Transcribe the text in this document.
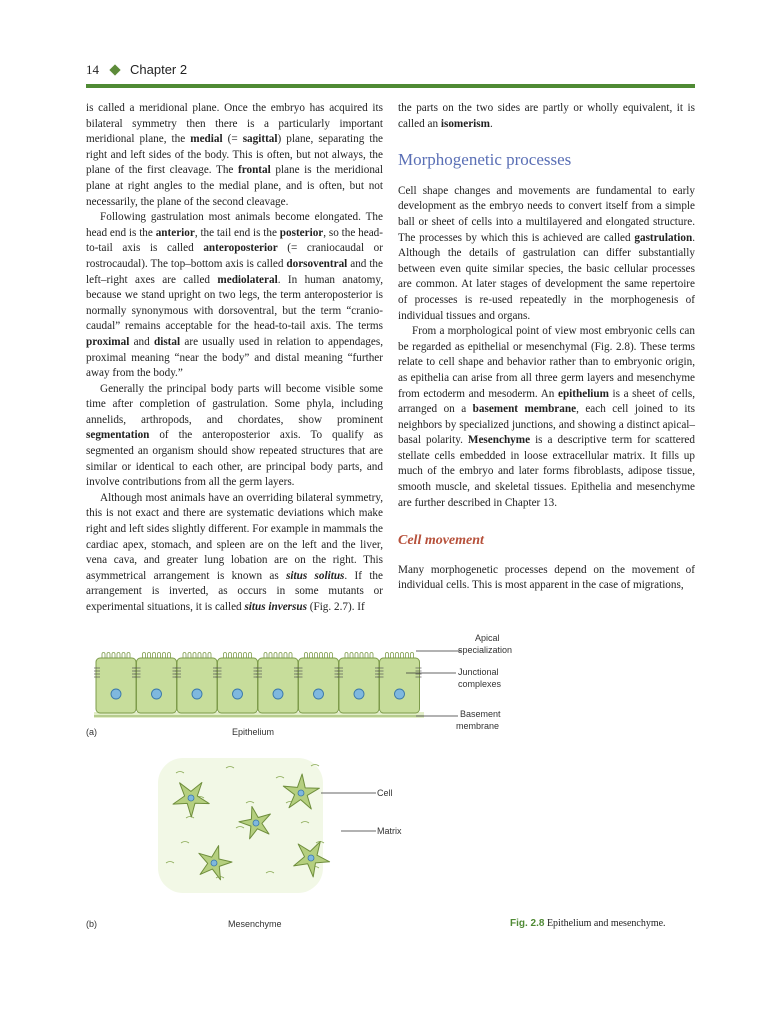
14 Chapter 2

is called a meridional plane. Once the embryo has acquired its bilateral symmetry then there is a particularly important meridional plane, the medial (= sagittal) plane, separating the right and left sides of the body. This is often, but not always, the plane of the first cleavage. The frontal plane is the meridional plane at right angles to the medial plane, and is often, but not necessarily, the plane of the second cleavage.

Following gastrulation most animals become elongated. The head end is the anterior, the tail end is the posterior, so the head-to-tail axis is called anteroposterior (= craniocaudal or rostrocaudal). The top–bottom axis is called dorsoventral and the left–right axes are called mediolateral. In human anatomy, because we stand upright on two legs, the term anteroposterior is normally synonymous with dorsoventral, but the term “craniocaudal” remains acceptable for the head-to-tail axis. The terms proximal and distal are usually used in relation to appendages, proximal meaning “near the body” and distal meaning “further away from the body.”

Generally the principal body parts will become visible some time after completion of gastrulation. Some phyla, including annelids, arthropods, and chordates, show prominent segmentation of the anteroposterior axis. To qualify as segmented an organism should show repeated structures that are similar or identical to each other, are principal body parts, and involve contributions from all the germ layers.

Although most animals have an overriding bilateral symmetry, this is not exact and there are systematic deviations which make right and left sides slightly different. For example in mammals the cardiac apex, stomach, and spleen are on the left and the liver, vena cava, and greater lung lobation are on the right. This asymmetrical arrangement is known as situs solitus. If the arrangement is inverted, as occurs in some mutants or experimental situations, it is called situs inversus (Fig. 2.7). If

the parts on the two sides are partly or wholly equivalent, it is called an isomerism.

Morphogenetic processes

Cell shape changes and movements are fundamental to early development as the embryo needs to convert itself from a simple ball or sheet of cells into a multilayered and elongated structure. The processes by which this is achieved are called gastrulation. Although the details of gastrulation can differ substantially between even quite similar species, the basic cellular processes are common. At later stages of development the same repertoire of processes is re-used repeatedly in the morphogenesis of individual tissues and organs.

From a morphological point of view most embryonic cells can be regarded as epithelial or mesenchymal (Fig. 2.8). These terms relate to cell shape and behavior rather than to embryonic origin, as epithelia can arise from all three germ layers and mesenchyme from ectoderm and mesoderm. An epithelium is a sheet of cells, arranged on a basement membrane, each cell joined to its neighbors by specialized junctions, and showing a distinct apical–basal polarity. Mesenchyme is a descriptive term for scattered stellate cells embedded in loose extracellular matrix. It fills up much of the embryo and later forms fibroblasts, adipose tissue, smooth muscle, and skeletal tissues. Epithelia and mesenchyme are further described in Chapter 13.

Cell movement

Many morphogenetic processes depend on the movement of individual cells. This is most apparent in the case of migrations,

Apical
specialization
Junctional
complexes
Basement
membrane
(a)	Epithelium
Cell
Matrix
(b)	Mesenchyme	Fig. 2.8 Epithelium and mesenchyme.
